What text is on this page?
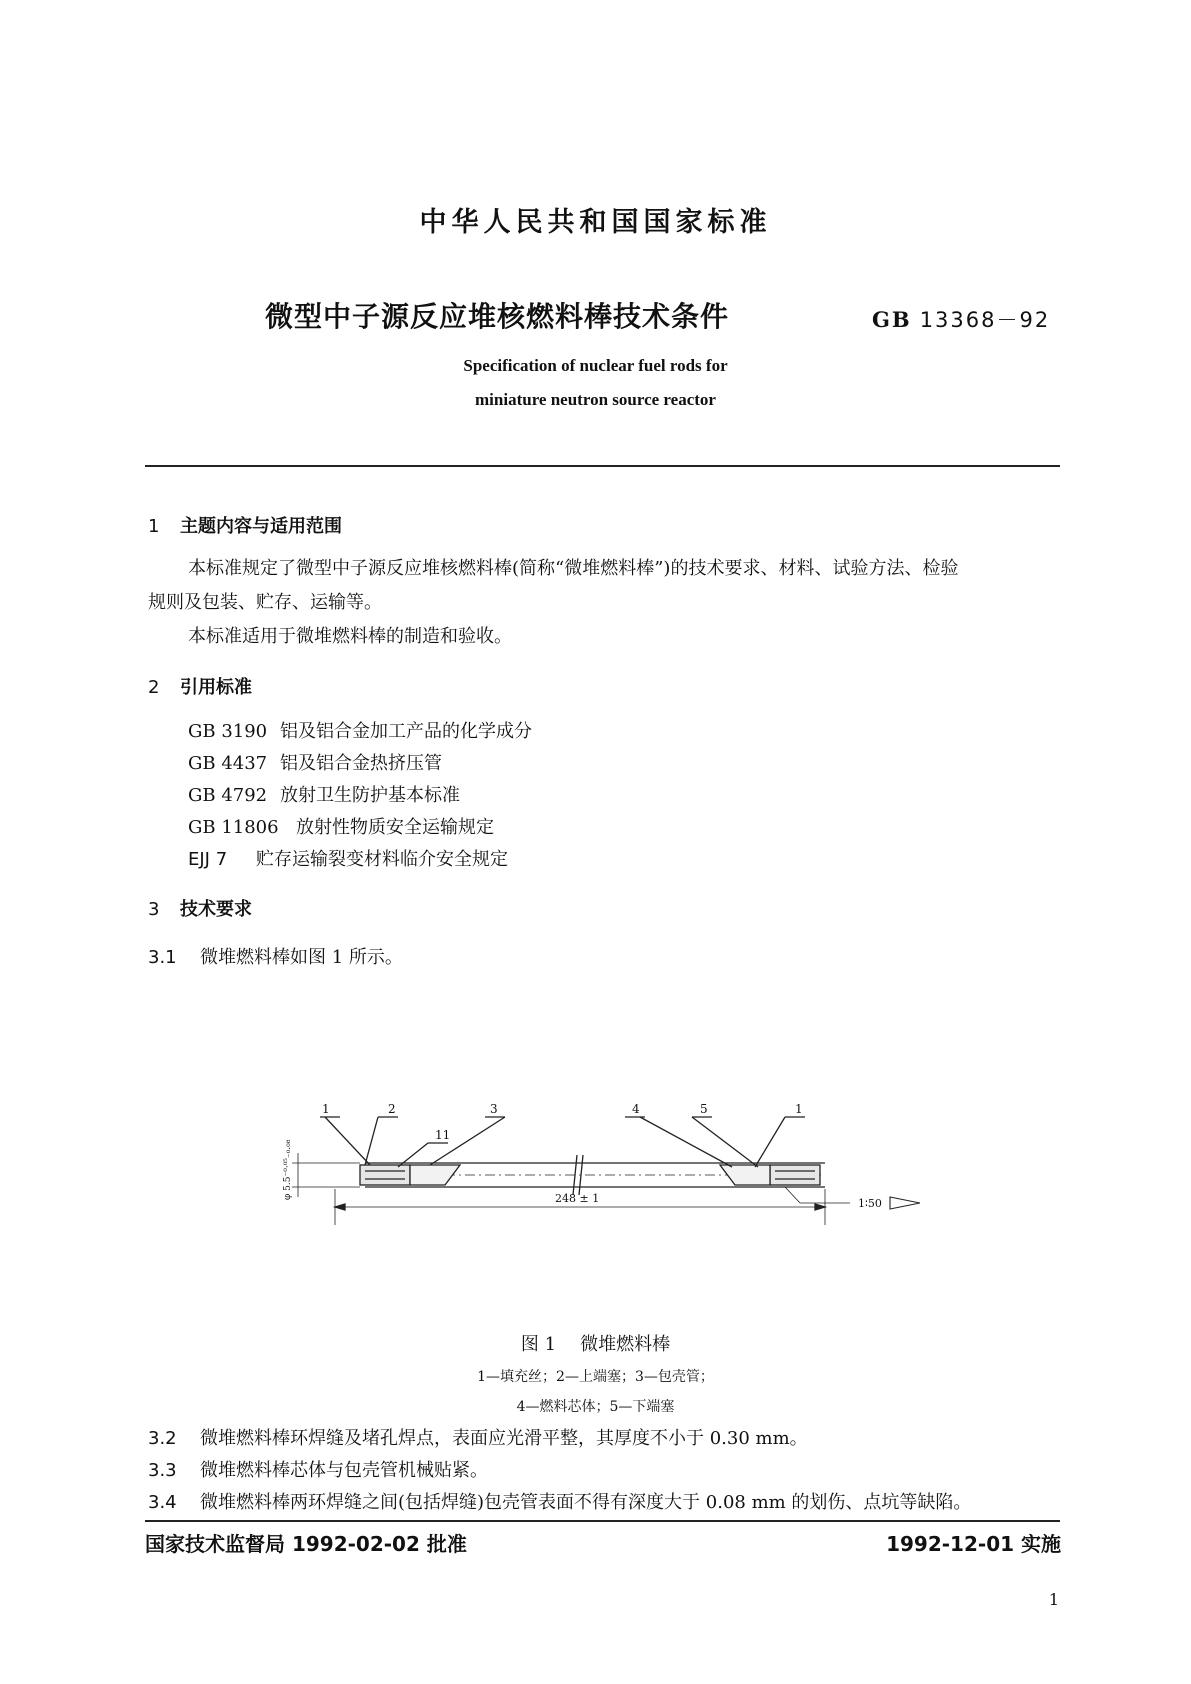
中华人民共和国国家标准
微型中子源反应堆核燃料棒技术条件	GB 13368－92
Specification of nuclear fuel rods for
miniature neutron source reactor
1 主题内容与适用范围
本标准规定了微型中子源反应堆核燃料棒(简称“微堆燃料棒”)的技术要求、材料、试验方法、检验
规则及包装、贮存、运输等。
本标准适用于微堆燃料棒的制造和验收。
2 引用标准
GB 3190 铝及铝合金加工产品的化学成分
GB 4437 铝及铝合金热挤压管
GB 4792 放射卫生防护基本标准
GB 11806 放射性物质安全运输规定
EJJ 7 贮存运输裂变材料临介安全规定
3 技术要求
3.1 微堆燃料棒如图 1 所示。
1	2	3	4	5	1
11
248 ± 1	1∶50
φ 5.5⁻⁰·⁰⁵₋₀.₀₈
图 1 微堆燃料棒
1—填充丝；2—上端塞；3—包壳管；
4—燃料芯体；5—下端塞
3.2 微堆燃料棒环焊缝及堵孔焊点，表面应光滑平整，其厚度不小于 0.30 mm。
3.3 微堆燃料棒芯体与包壳管机械贴紧。
3.4 微堆燃料棒两环焊缝之间(包括焊缝)包壳管表面不得有深度大于 0.08 mm 的划伤、点坑等缺陷。
国家技术监督局 1992-02-02 批准	1992-12-01 实施
1
